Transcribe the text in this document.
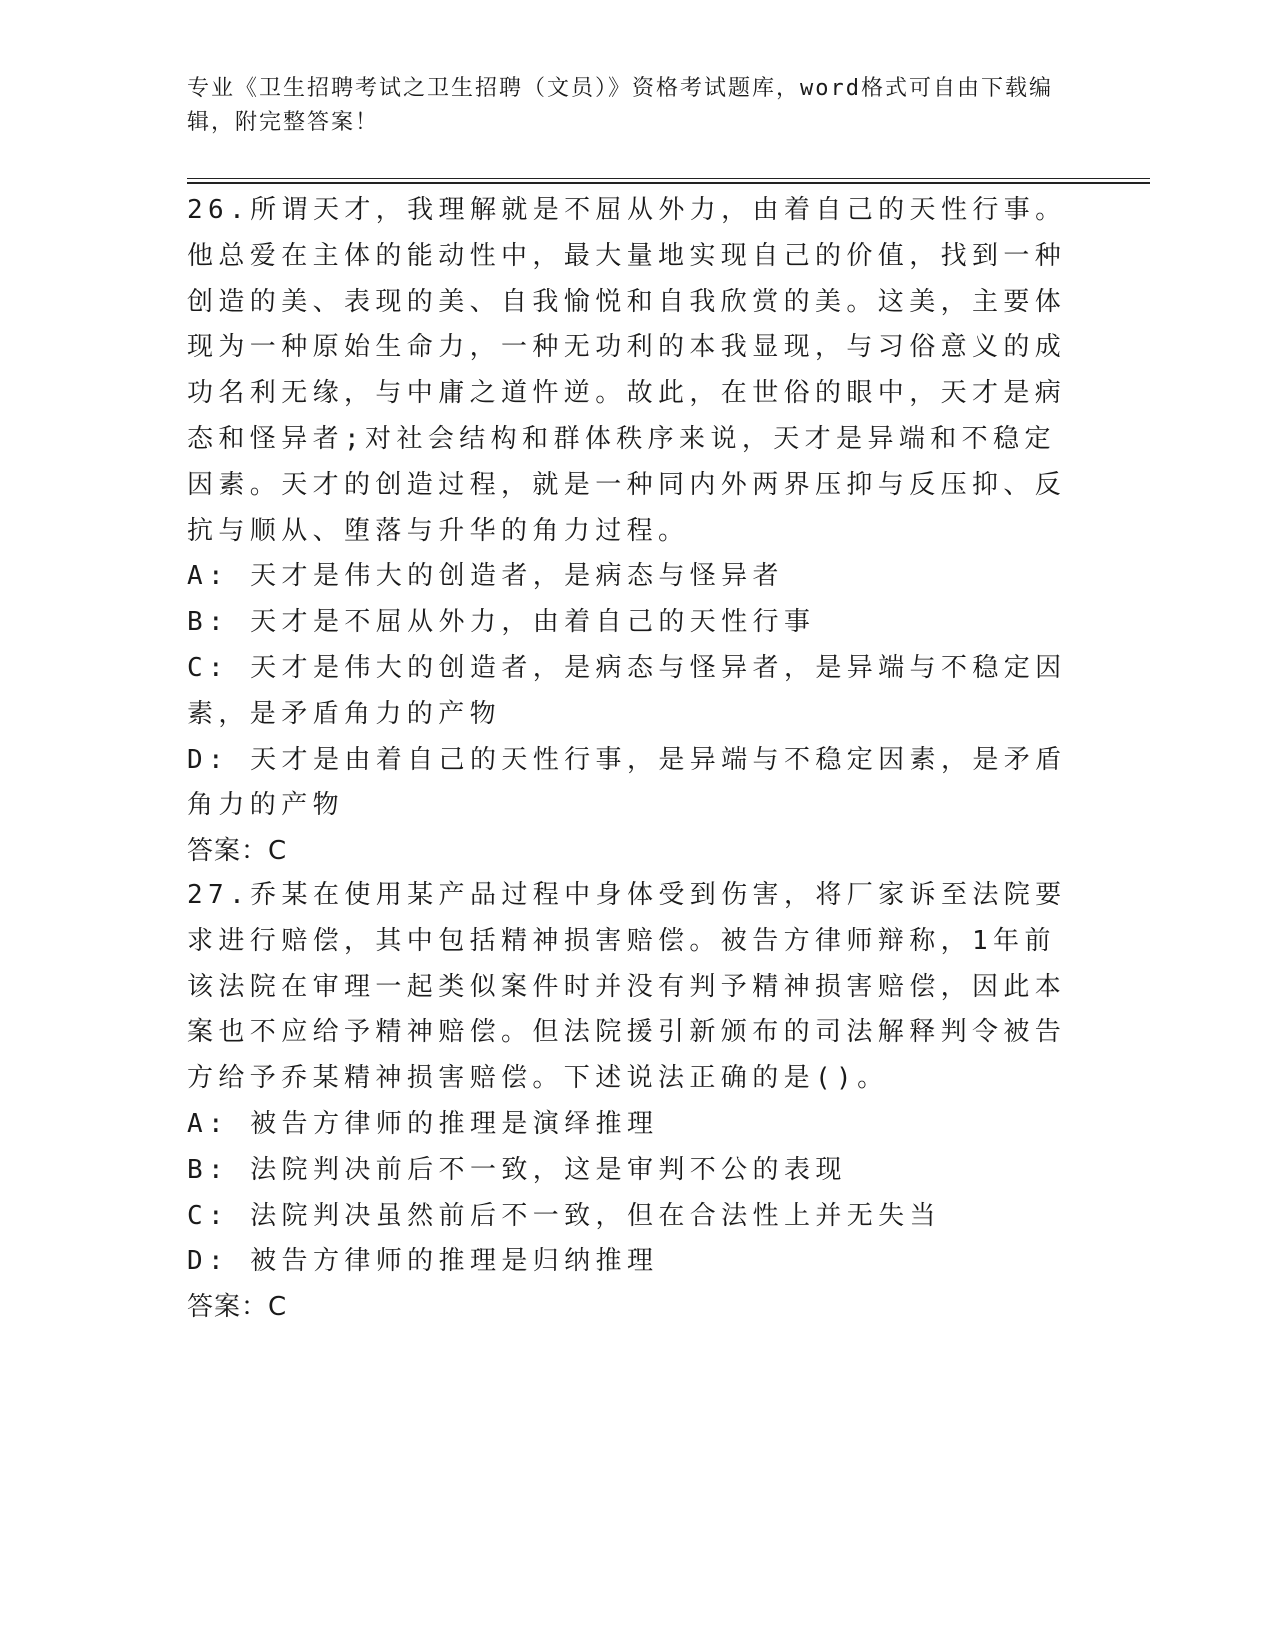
专业《卫生招聘考试之卫生招聘（文员）》资格考试题库，word格式可自由下载编辑，附完整答案！

26.所谓天才，我理解就是不屈从外力，由着自己的天性行事。他总爱在主体的能动性中，最大量地实现自己的价值，找到一种创造的美、表现的美、自我愉悦和自我欣赏的美。这美，主要体现为一种原始生命力，一种无功利的本我显现，与习俗意义的成功名利无缘，与中庸之道忤逆。故此，在世俗的眼中，天才是病态和怪异者;对社会结构和群体秩序来说，天才是异端和不稳定因素。天才的创造过程，就是一种同内外两界压抑与反压抑、反抗与顺从、堕落与升华的角力过程。

A: 天才是伟大的创造者，是病态与怪异者

B: 天才是不屈从外力，由着自己的天性行事

C: 天才是伟大的创造者，是病态与怪异者，是异端与不稳定因素，是矛盾角力的产物

D: 天才是由着自己的天性行事，是异端与不稳定因素，是矛盾角力的产物

答案：C

27.乔某在使用某产品过程中身体受到伤害，将厂家诉至法院要求进行赔偿，其中包括精神损害赔偿。被告方律师辩称，1年前该法院在审理一起类似案件时并没有判予精神损害赔偿，因此本案也不应给予精神赔偿。但法院援引新颁布的司法解释判令被告方给予乔某精神损害赔偿。下述说法正确的是()。

A: 被告方律师的推理是演绎推理

B: 法院判决前后不一致，这是审判不公的表现

C: 法院判决虽然前后不一致，但在合法性上并无失当

D: 被告方律师的推理是归纳推理

答案：C
